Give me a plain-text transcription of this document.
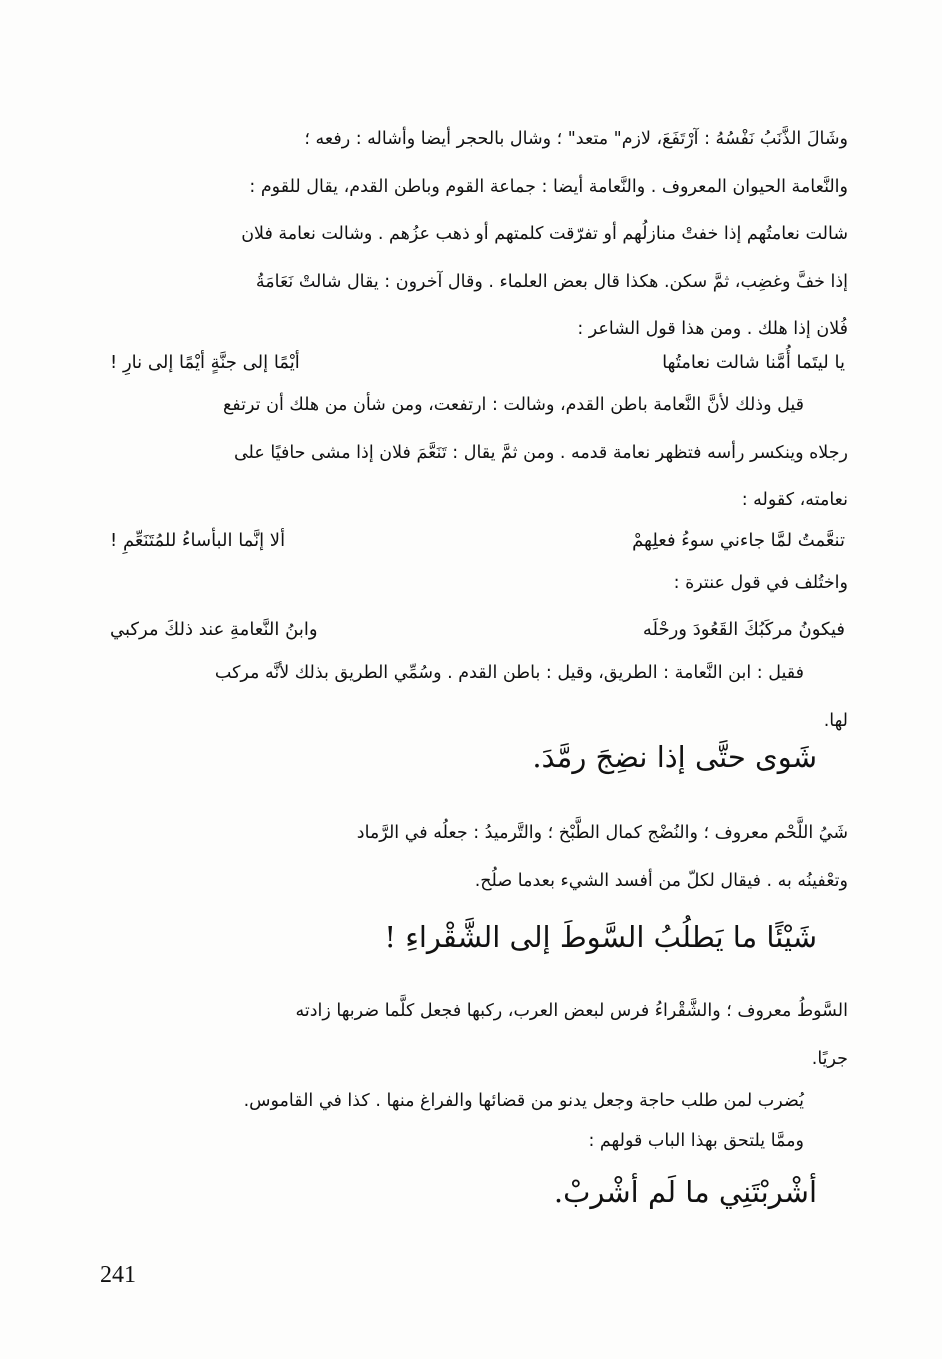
وشَالَ الذَّنَبُ نَفْسُهُ : آرْتَفَعَ، لازم" متعد" ؛ وشال بالحجر أيضا وأشاله : رفعه ؛

والنَّعامة الحيوان المعروف . والنَّعامة أيضا : جماعة القوم وباطن القدم، يقال للقوم :

شالت نعامتُهم إذا خفتْ منازلُهم أو تفرّقت كلمتهم أو ذهب عزُهم . وشالت نعامة فلان

إذا خفَّ وغضِب، ثمَّ سكن. هكذا قال بعض العلماء . وقال آخرون : يقال شالتْ نَعَامَةُ

فُلان إذا هلك . ومن هذا قول الشاعر :

يا ليتَما أُمَّنا شالت نعامتُها
أيْمًا إلى جنَّةٍ أيْمًا إلى نارِ !

قيل وذلك لأنَّ النَّعامة باطن القدم، وشالت : ارتفعت، ومن شأن من هلك أن ترتفع

رجلاه وينكسر رأسه فتظهر نعامة قدمه . ومن ثمَّ يقال : تَنَعَّمَ فلان إذا مشى حافيًا على

نعامته، كقوله :

تنعَّمتُ لمَّا جاءني سوءُ فعلِهمْ
ألا إنَّما البأساءُ للمُتَنَعِّمِ !

واختُلف في قول عنترة :

فيكونُ مركَبُكَ القَعُودَ ورحْلَه
وابنُ النَّعامةِ عند ذلكَ مركبي

فقيل : ابن النَّعامة : الطريق، وقيل : باطن القدم . وسُمِّي الطريق بذلك لأنَّه مركب

لها.

شَوى حتَّى إذا نضِجَ رمَّدَ.

شَيُ اللَّحْم معروف ؛ والنُضْج كمال الطَّبْخ ؛ والتَّرميدُ : جعلُه في الرَّماد

وتعْفينُه به . فيقال لكلّ من أفسد الشيء بعدما صلُح.

شَيْئًا ما يَطلُبُ السَّوطَ إلى الشَّقْراءِ !

السَّوطُ معروف ؛ والشَّقْراءُ فرس لبعض العرب، ركبها فجعل كلَّما ضربها زادته

جريًا.

يُضرب لمن طلب حاجة وجعل يدنو من قضائها والفراغ منها . كذا في القاموس.

وممَّا يلتحق بهذا الباب قولهم :

أشْربْتَنِي ما لَم أشْربْ.
241
